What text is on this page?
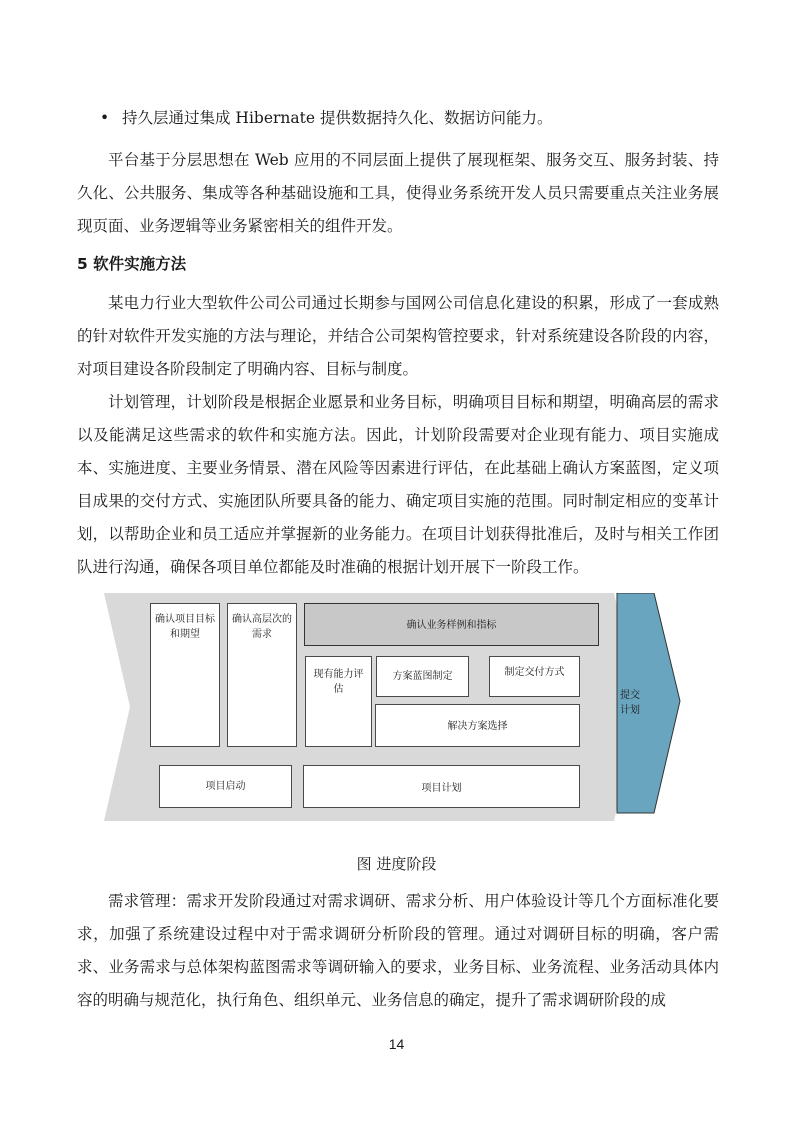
• 持久层通过集成 Hibernate 提供数据持久化、数据访问能力。

平台基于分层思想在 Web 应用的不同层面上提供了展现框架、服务交互、服务封装、持久化、公共服务、集成等各种基础设施和工具，使得业务系统开发人员只需要重点关注业务展现页面、业务逻辑等业务紧密相关的组件开发。

5 软件实施方法

某电力行业大型软件公司公司通过长期参与国网公司信息化建设的积累，形成了一套成熟的针对软件开发实施的方法与理论，并结合公司架构管控要求，针对系统建设各阶段的内容，对项目建设各阶段制定了明确内容、目标与制度。

计划管理，计划阶段是根据企业愿景和业务目标，明确项目目标和期望，明确高层的需求以及能满足这些需求的软件和实施方法。因此，计划阶段需要对企业现有能力、项目实施成本、实施进度、主要业务情景、潜在风险等因素进行评估，在此基础上确认方案蓝图，定义项目成果的交付方式、实施团队所要具备的能力、确定项目实施的范围。同时制定相应的变革计划，以帮助企业和员工适应并掌握新的业务能力。在项目计划获得批准后，及时与相关工作团队进行沟通，确保各项目单位都能及时准确的根据计划开展下一阶段工作。

确认项目目标和期望
确认高层次的需求
确认业务样例和指标
现有能力评估
方案蓝图制定	制定交付方式
解决方案选择
项目启动	项目计划
提交计划
图 进度阶段

需求管理：需求开发阶段通过对需求调研、需求分析、用户体验设计等几个方面标准化要求，加强了系统建设过程中对于需求调研分析阶段的管理。通过对调研目标的明确，客户需求、业务需求与总体架构蓝图需求等调研输入的要求，业务目标、业务流程、业务活动具体内容的明确与规范化，执行角色、组织单元、业务信息的确定，提升了需求调研阶段的成

14
